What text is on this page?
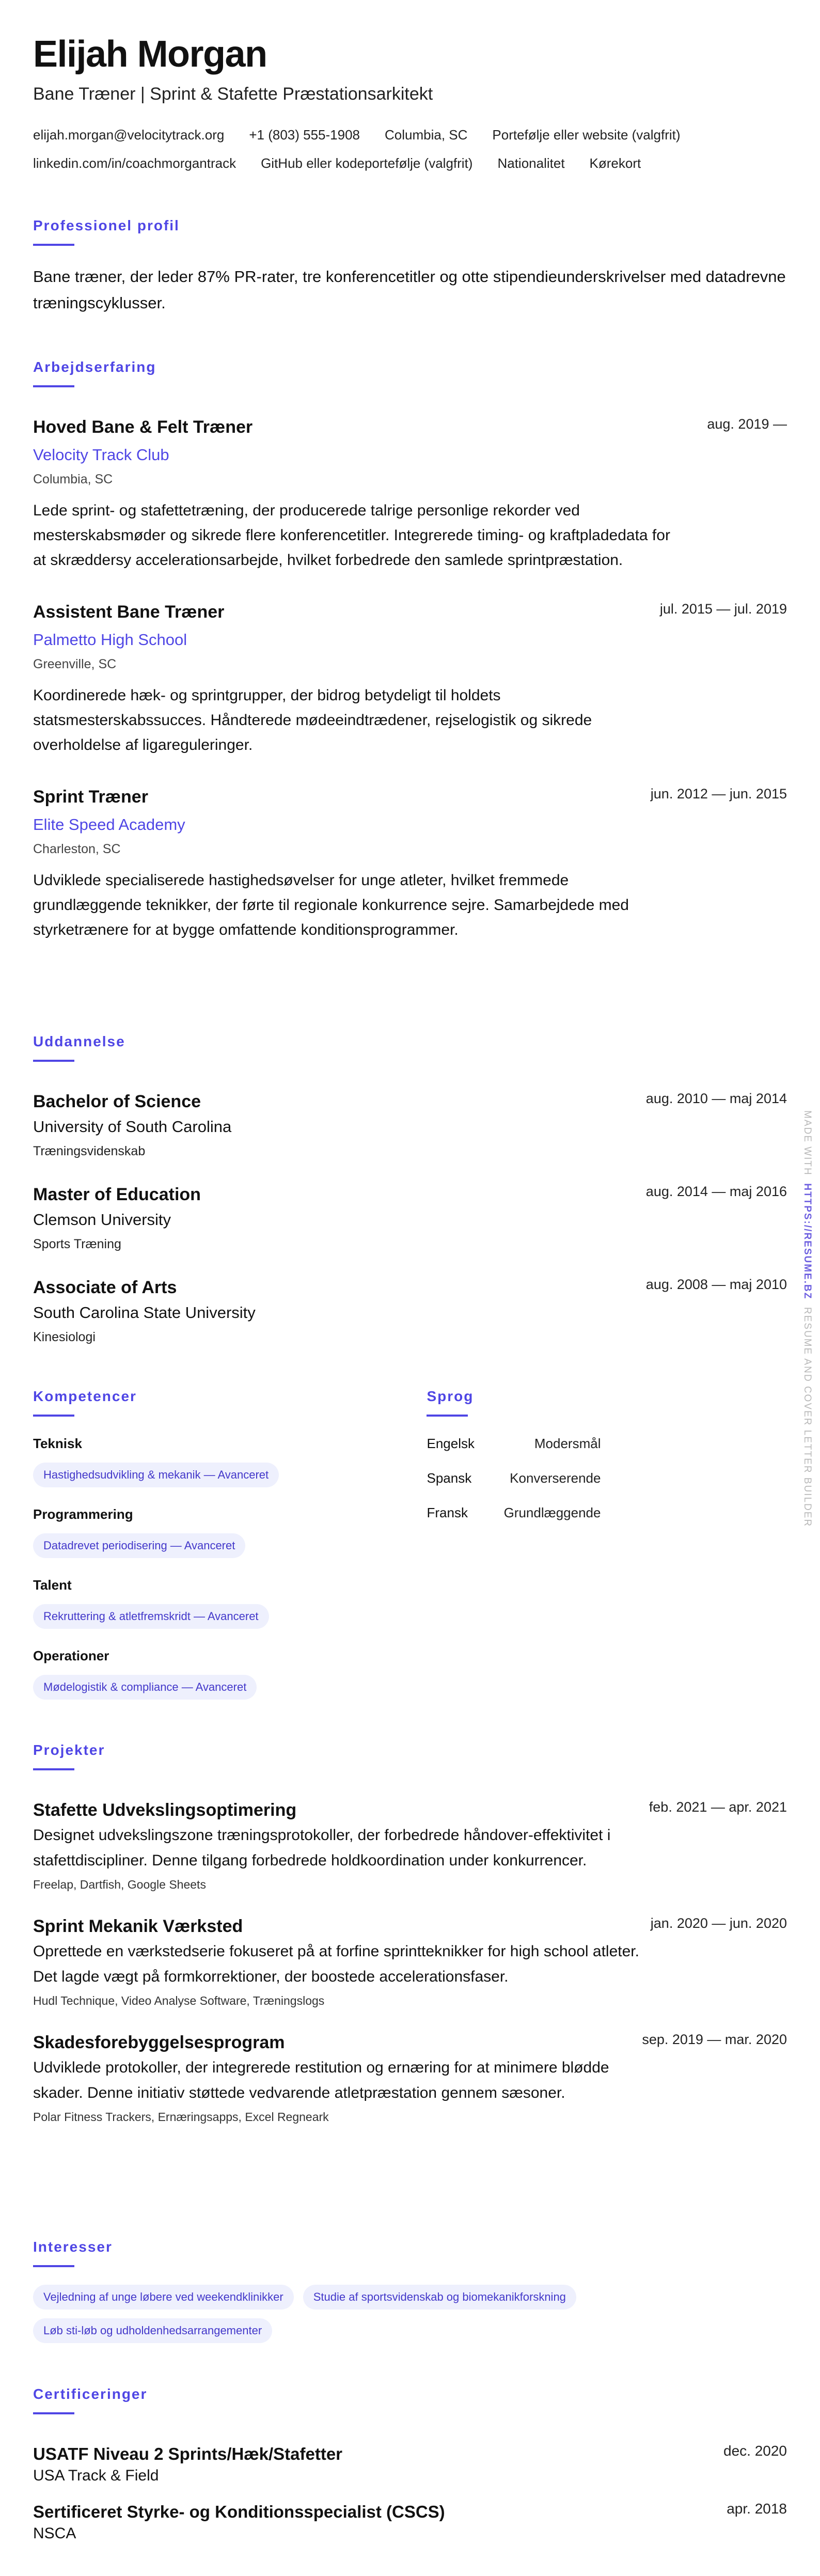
Elijah Morgan
Bane Træner | Sprint & Stafette Præstationsarkitekt
elijah.morgan@velocitytrack.org +1 (803) 555-1908 Columbia, SC Portefølje eller website (valgfrit)
linkedin.com/in/coachmorgantrack GitHub eller kodeportefølje (valgfrit) Nationalitet Kørekort
Professionel profil

Bane træner, der leder 87% PR-rater, tre konferencetitler og otte stipendieunderskrivelser med datadrevne træningscyklusser.

Arbejdserfaring
aug. 2019 —
Hoved Bane & Felt Træner
Velocity Track Club
Columbia, SC

Lede sprint- og stafettetræning, der producerede talrige personlige rekorder ved mesterskabsmøder og sikrede flere konferencetitler. Integrerede timing- og kraftpladedata for at skræddersy accelerationsarbejde, hvilket forbedrede den samlede sprintpræstation.

jul. 2015 — jul. 2019
Assistent Bane Træner
Palmetto High School
Greenville, SC

Koordinerede hæk- og sprintgrupper, der bidrog betydeligt til holdets statsmesterskabssucces. Håndterede mødeeindtrædener, rejselogistik og sikrede overholdelse af ligareguleringer.

jun. 2012 — jun. 2015
Sprint Træner
Elite Speed Academy
Charleston, SC

Udviklede specialiserede hastighedsøvelser for unge atleter, hvilket fremmede grundlæggende teknikker, der førte til regionale konkurrence sejre. Samarbejdede med styrketrænere for at bygge omfattende konditionsprogrammer.

Uddannelse
aug. 2010 — maj 2014
Bachelor of Science
University of South Carolina
Træningsvidenskab
aug. 2014 — maj 2016
Master of Education
Clemson University
Sports Træning
aug. 2008 — maj 2010
Associate of Arts
South Carolina State University
Kinesiologi
Kompetencer
Teknisk
Hastighedsudvikling & mekanik — Avanceret
Programmering
Datadrevet periodisering — Avanceret
Talent
Rekruttering & atletfremskridt — Avanceret
Operationer
Mødelogistik & compliance — Avanceret
Sprog
Engelsk	Modersmål
Spansk	Konverserende
Fransk	Grundlæggende
Projekter
feb. 2021 — apr. 2021
Stafette Udvekslingsoptimering

Designet udvekslingszone træningsprotokoller, der forbedrede håndover-effektivitet i stafettdiscipliner. Denne tilgang forbedrede holdkoordination under konkurrencer.

Freelap, Dartfish, Google Sheets
jan. 2020 — jun. 2020
Sprint Mekanik Værksted

Oprettede en værkstedserie fokuseret på at forfine sprintteknikker for high school atleter. Det lagde vægt på formkorrektioner, der boostede accelerationsfaser.

Hudl Technique, Video Analyse Software, Træningslogs
sep. 2019 — mar. 2020
Skadesforebyggelsesprogram

Udviklede protokoller, der integrerede restitution og ernæring for at minimere blødde skader. Denne initiativ støttede vedvarende atletpræstation gennem sæsoner.

Polar Fitness Trackers, Ernæringsapps, Excel Regneark
Interesser
Vejledning af unge løbere ved weekendklinikker	Studie af sportsvidenskab og biomekanikforskning
Løb sti-løb og udholdenhedsarrangementer
Certificeringer
dec. 2020
USATF Niveau 2 Sprints/Hæk/Stafetter
USA Track & Field
apr. 2018
Sertificeret Styrke- og Konditionsspecialist (CSCS)
NSCA
MADE WITH  HTTPS://RESUME.BZ  RESUME AND COVER LETTER BUILDER
